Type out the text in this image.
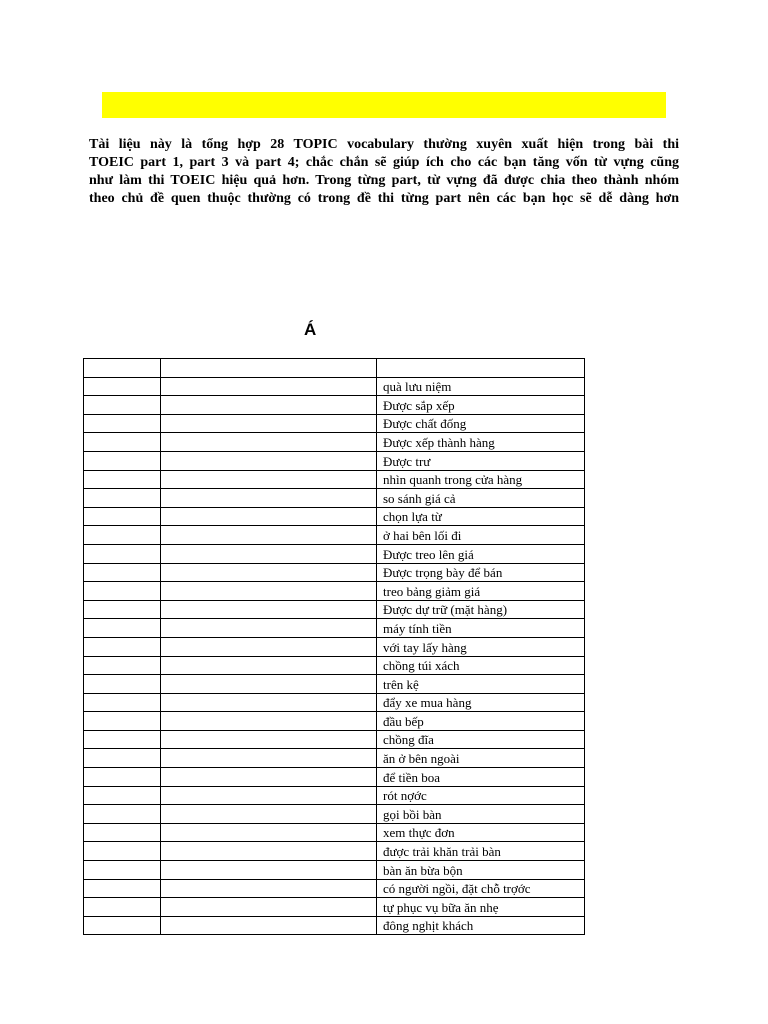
Tài liệu này là tổng hợp 28 TOPIC vocabulary thường xuyên xuất hiện trong bài thi
TOEIC part 1, part 3 và part 4; chắc chắn sẽ giúp ích cho các bạn tăng vốn từ vựng cũng
như làm thi TOEIC hiệu quả hơn. Trong từng part, từ vựng đã được chia theo thành nhóm
theo chủ đề quen thuộc thường có trong đề thi từng part nên các bạn học sẽ dễ dàng hơn
Á

		quà lưu niệm
		Được sắp xếp
		Được chất đống
		Được xếp thành hàng
		Được trư
		nhìn quanh trong cửa hàng
		so sánh giá cả
		chọn lựa từ
		ở hai bên lối đi
		Được treo lên giá
		Được trọng bày để bán
		treo bảng giảm giá
		Được dự trữ (mặt hàng)
		máy tính tiền
		với tay lấy hàng
		chồng túi xách
		trên kệ
		đẩy xe mua hàng
		đầu bếp
		chồng đĩa
		ăn ở bên ngoài
		để tiền boa
		rót nợớc
		gọi bồi bàn
		xem thực đơn
		được trải khăn trải bàn
		bàn ăn bừa bộn
		có người ngồi, đặt chỗ trợớc
		tự phục vụ bữa ăn nhẹ
		đông nghịt khách
